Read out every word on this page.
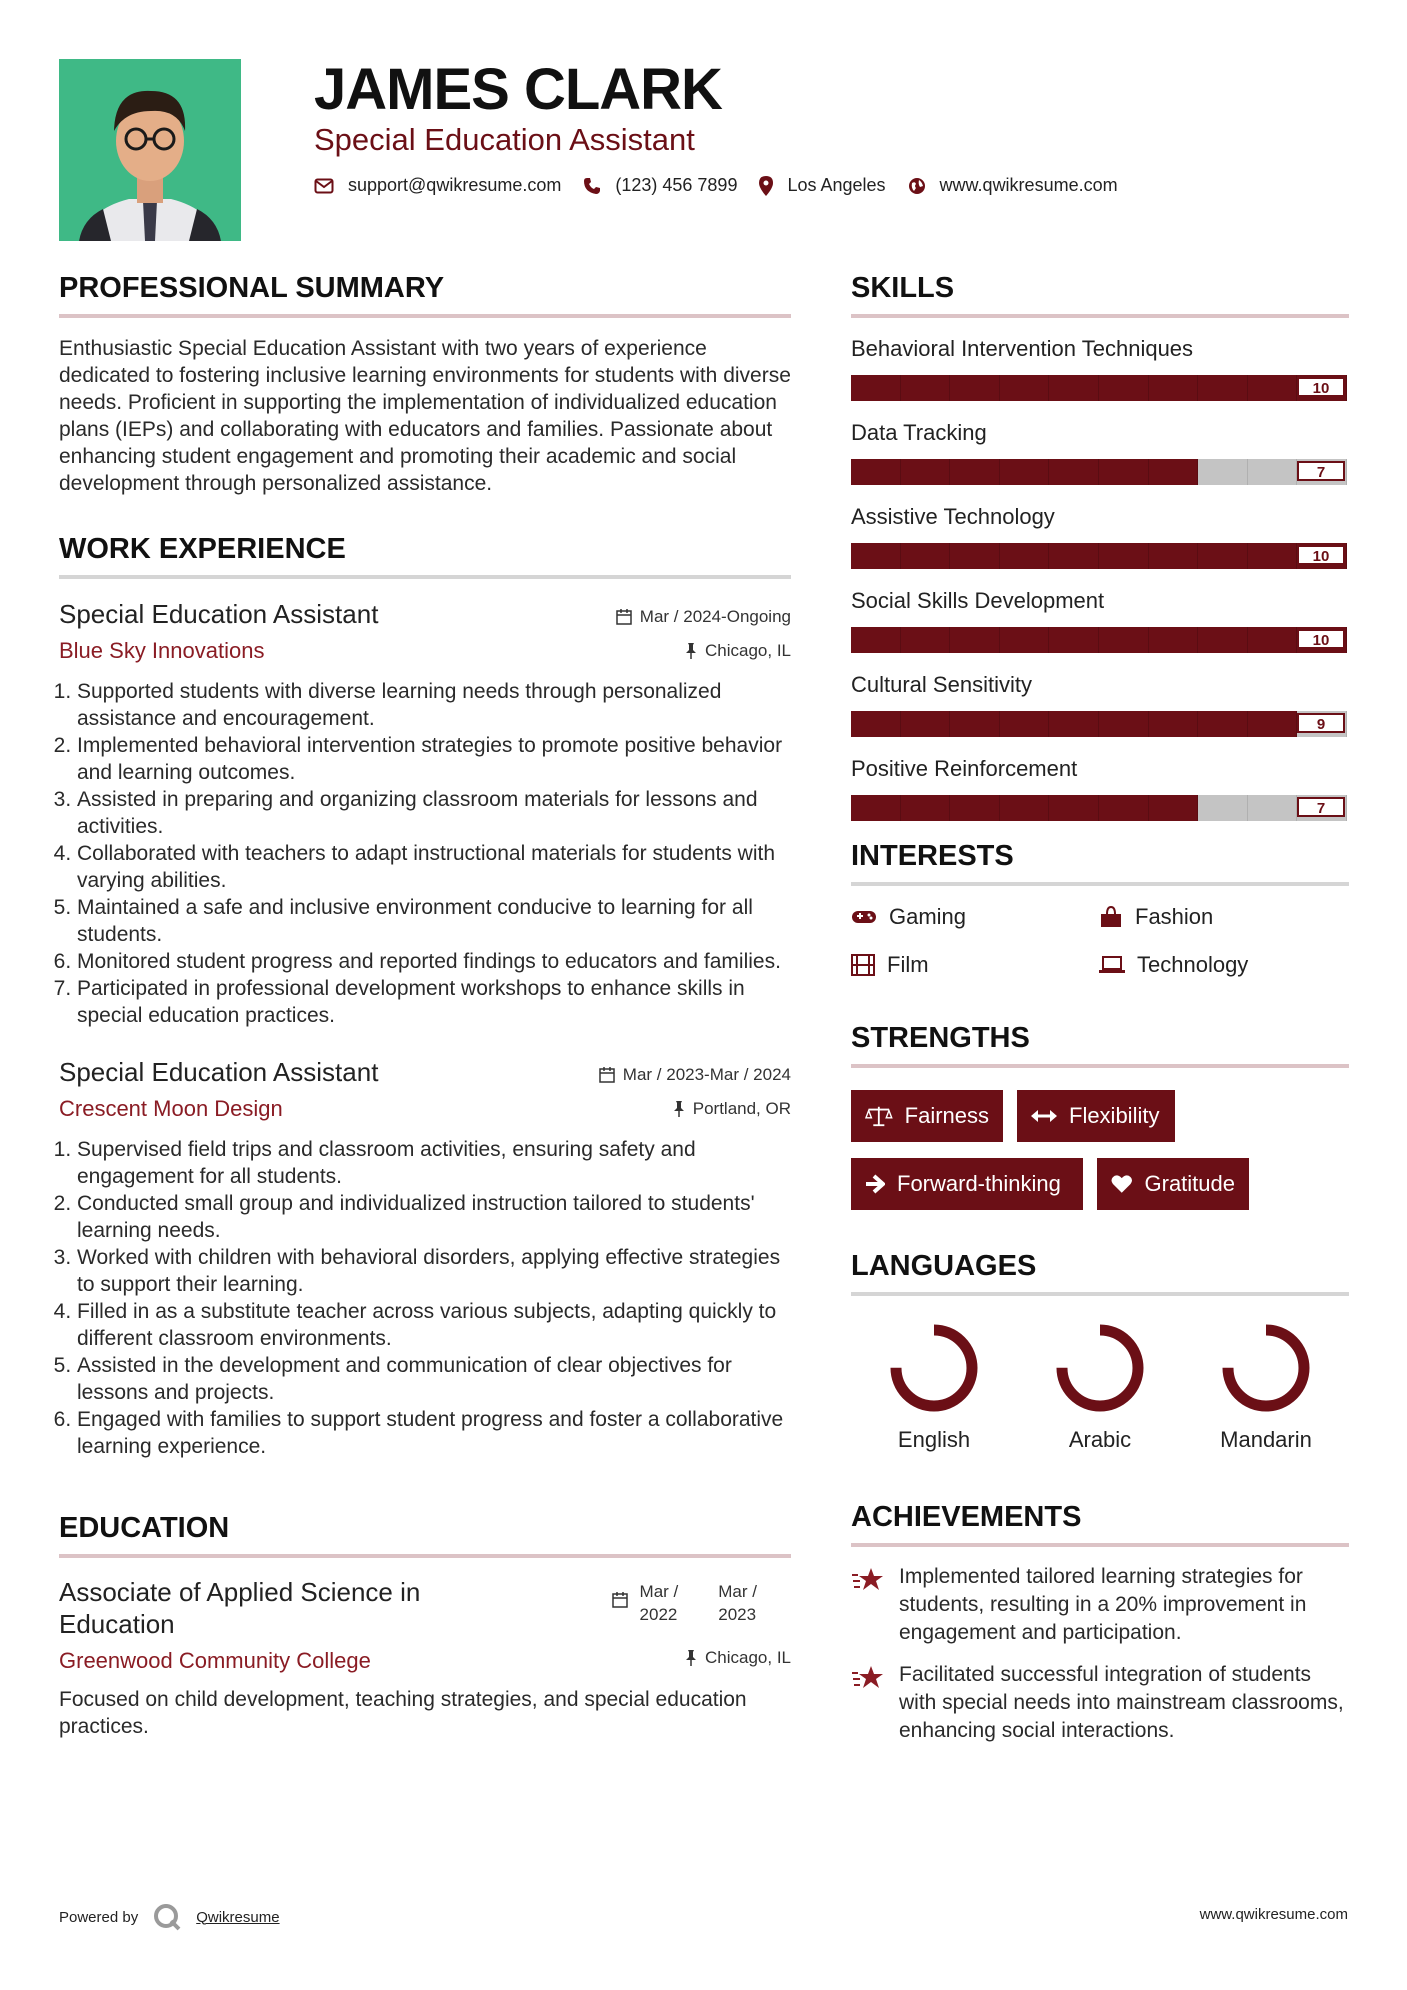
JAMES CLARK
Special Education Assistant
support@qwikresume.com	(123) 456 7899	Los Angeles	www.qwikresume.com
PROFESSIONAL SUMMARY

Enthusiastic Special Education Assistant with two years of experience dedicated to fostering inclusive learning environments for students with diverse needs. Proficient in supporting the implementation of individualized education plans (IEPs) and collaborating with educators and families. Passionate about enhancing student engagement and promoting their academic and social development through personalized assistance.

WORK EXPERIENCE
Special Education Assistant
Blue Sky Innovations
Mar / 2024-Ongoing
Chicago, IL
1. Supported students with diverse learning needs through personalized assistance and encouragement.
2. Implemented behavioral intervention strategies to promote positive behavior and learning outcomes.
3. Assisted in preparing and organizing classroom materials for lessons and activities.
4. Collaborated with teachers to adapt instructional materials for students with varying abilities.
5. Maintained a safe and inclusive environment conducive to learning for all students.
6. Monitored student progress and reported findings to educators and families.
7. Participated in professional development workshops to enhance skills in special education practices.
Special Education Assistant
Crescent Moon Design
Mar / 2023-Mar / 2024
Portland, OR
1. Supervised field trips and classroom activities, ensuring safety and engagement for all students.
2. Conducted small group and individualized instruction tailored to students' learning needs.
3. Worked with children with behavioral disorders, applying effective strategies to support their learning.
4. Filled in as a substitute teacher across various subjects, adapting quickly to different classroom environments.
5. Assisted in the development and communication of clear objectives for lessons and projects.
6. Engaged with families to support student progress and foster a collaborative learning experience.
EDUCATION
Associate of Applied Science in Education
Mar /
2022
Mar /
2023
Greenwood Community College	Chicago, IL

Focused on child development, teaching strategies, and special education practices.

SKILLS
Behavioral Intervention Techniques
10
Data Tracking
7
Assistive Technology
10
Social Skills Development
10
Cultural Sensitivity
9
Positive Reinforcement
7
INTERESTS
Gaming	Fashion
Film	Technology
STRENGTHS
Fairness	Flexibility
Forward-thinking	Gratitude
LANGUAGES
English	Arabic	Mandarin
ACHIEVEMENTS
Implemented tailored learning strategies for students, resulting in a 20% improvement in engagement and participation.
Facilitated successful integration of students with special needs into mainstream classrooms, enhancing social interactions.
Powered by	Qwikresume	www.qwikresume.com
